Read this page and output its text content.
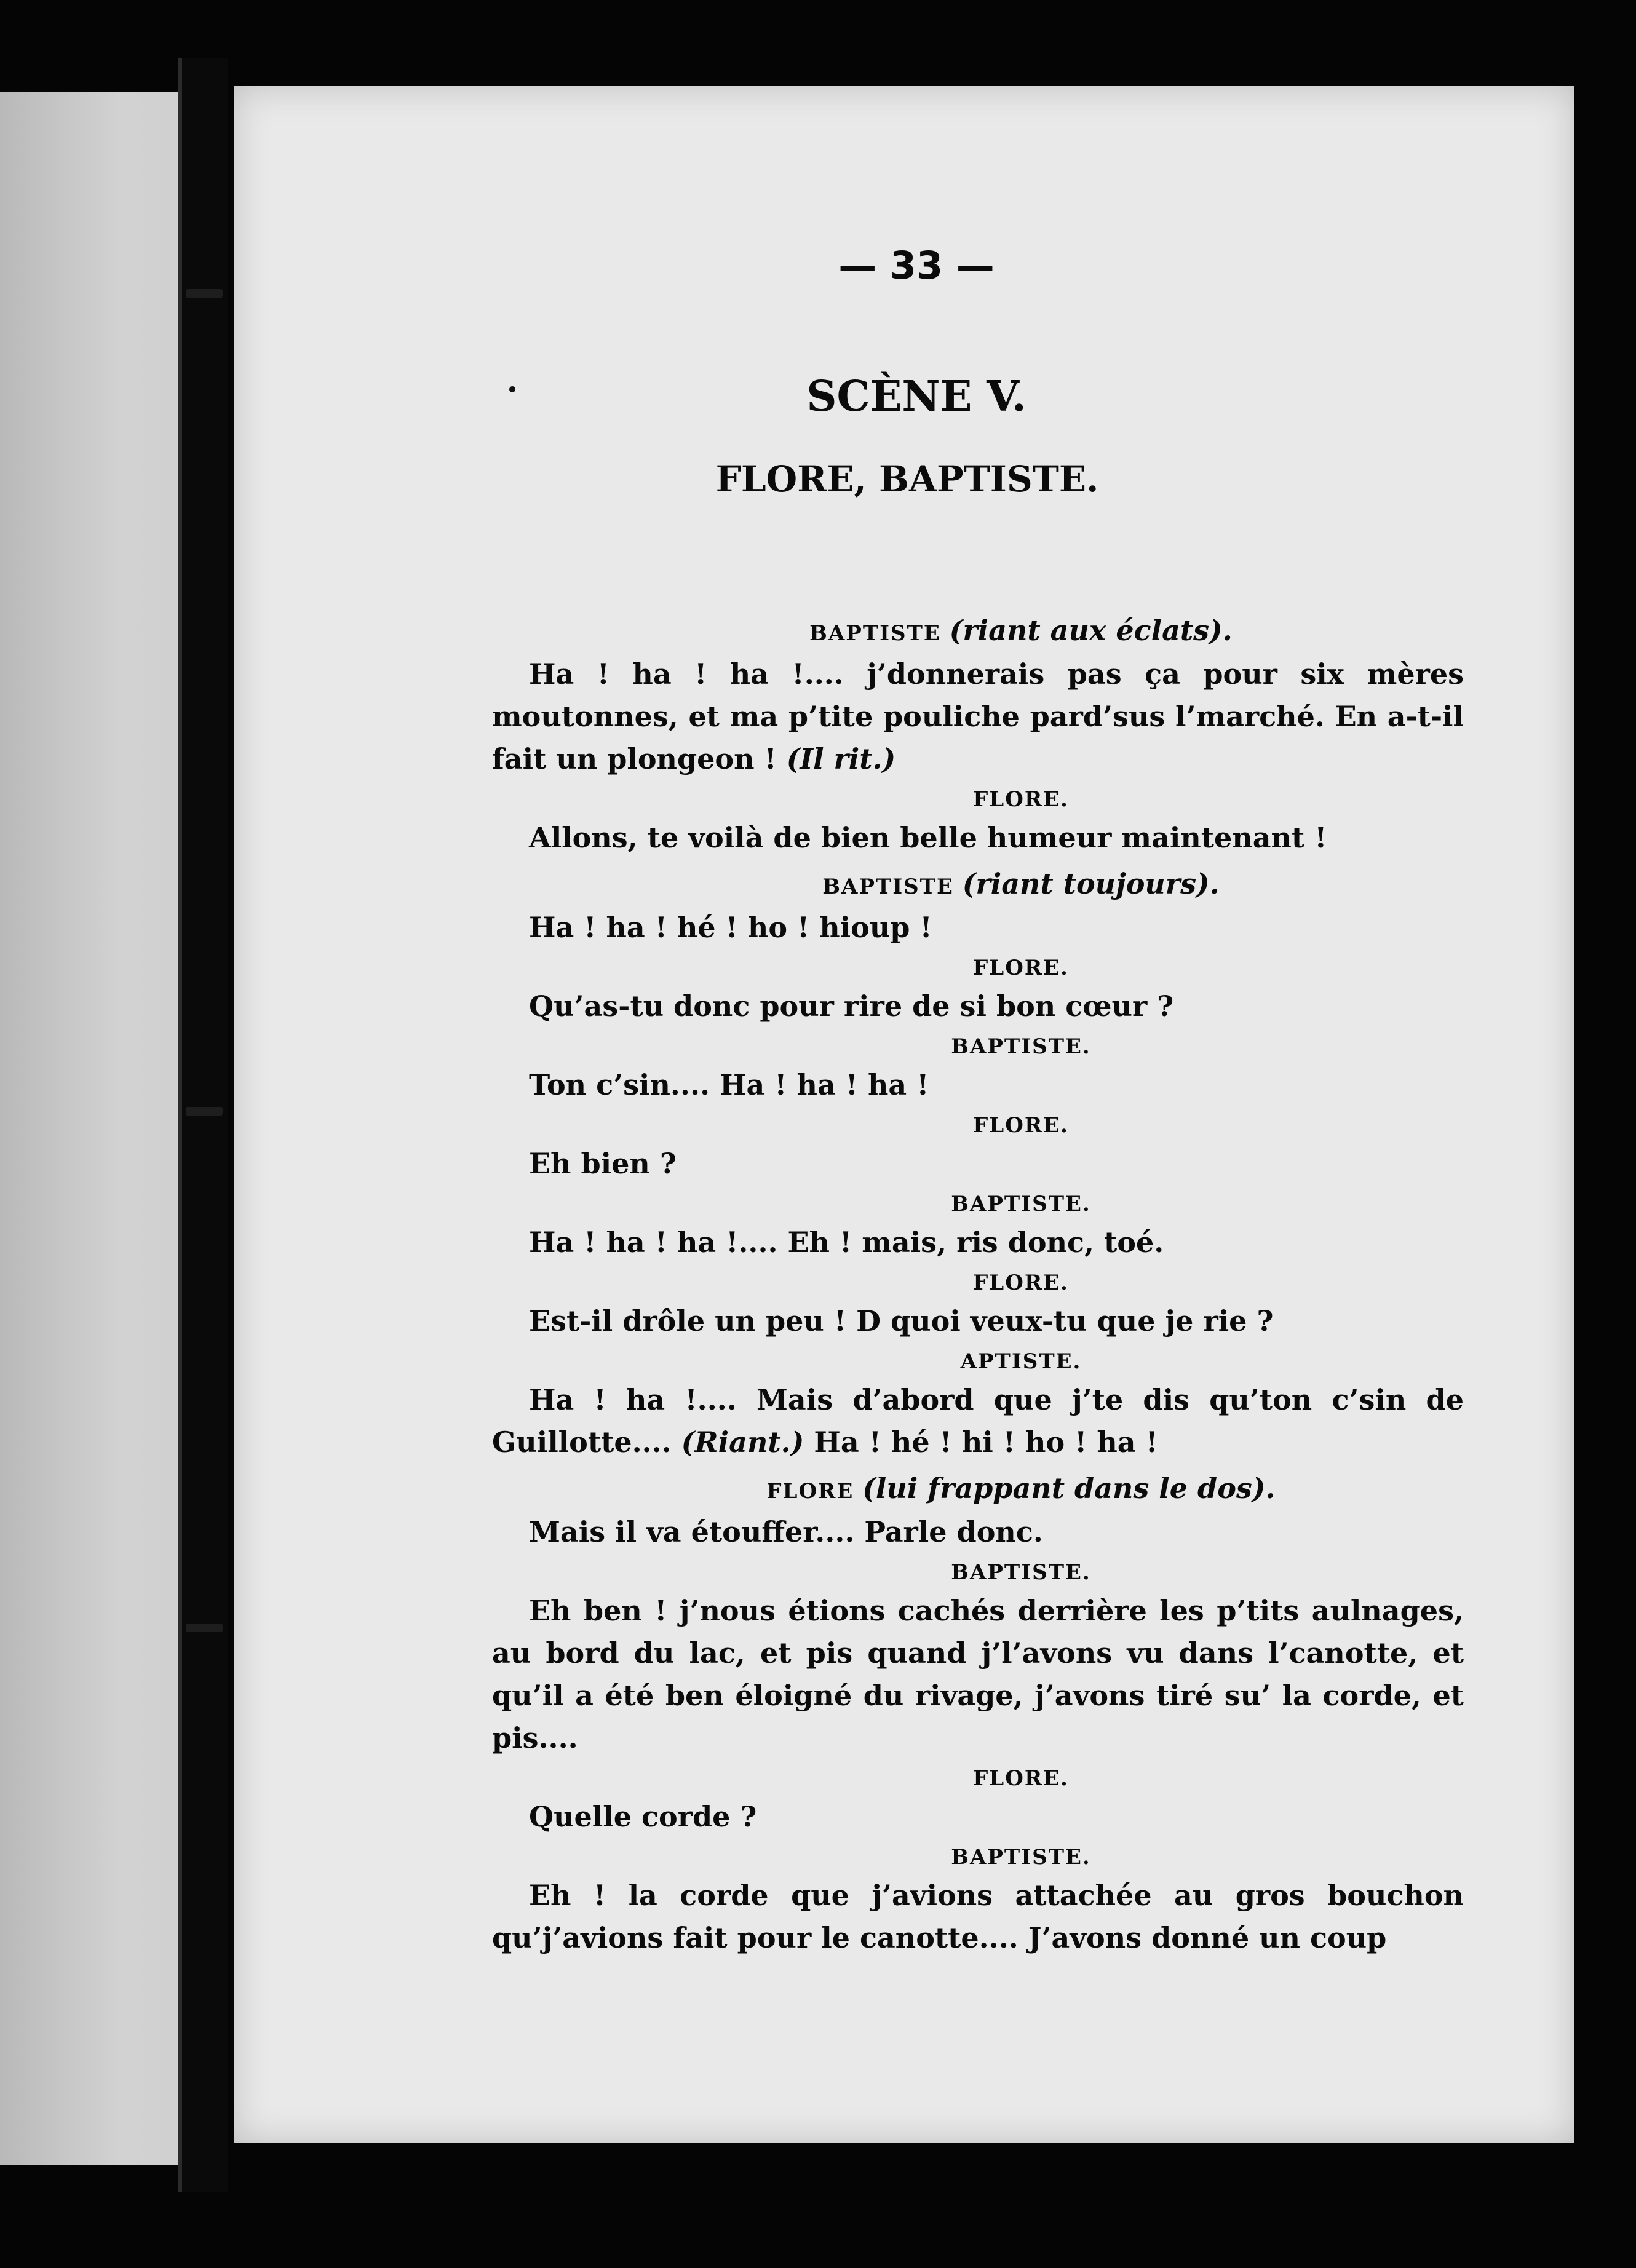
— 33 —
SCÈNE V.
FLORE, BAPTISTE.

BAPTISTE (riant aux éclats).

Ha ! ha ! ha !.... j’donnerais pas ça pour six mères moutonnes, et ma p’tite pouliche pard’sus l’marché. En a-t-il fait un plongeon ! (Il rit.)

FLORE.

Allons, te voilà de bien belle humeur maintenant !

BAPTISTE (riant toujours).

Ha ! ha ! hé ! ho ! hioup !

FLORE.

Qu’as-tu donc pour rire de si bon cœur ?

BAPTISTE.

Ton c’sin.... Ha ! ha ! ha !

FLORE.

Eh bien ?

BAPTISTE.

Ha ! ha ! ha !.... Eh ! mais, ris donc, toé.

FLORE.

Est-il drôle un peu ! D quoi veux-tu que je rie ?

APTISTE.

Ha ! ha !.... Mais d’abord que j’te dis qu’ton c’sin de Guillotte.... (Riant.) Ha ! hé ! hi ! ho ! ha !

FLORE (lui frappant dans le dos).

Mais il va étouffer.... Parle donc.

BAPTISTE.

Eh ben ! j’nous étions cachés derrière les p’tits aulnages, au bord du lac, et pis quand j’l’avons vu dans l’canotte, et qu’il a été ben éloigné du rivage, j’avons tiré su’ la corde, et pis....

FLORE.

Quelle corde ?

BAPTISTE.

Eh ! la corde que j’avions attachée au gros bouchon qu’j’avions fait pour le canotte.... J’avons donné un coup
